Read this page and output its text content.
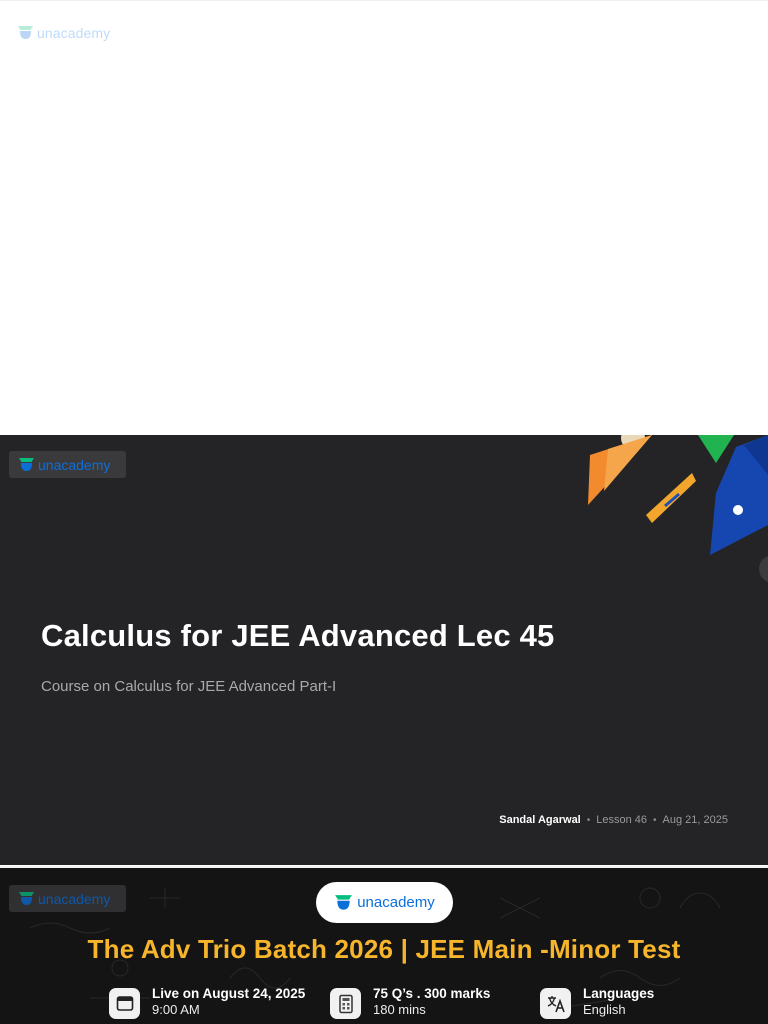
unacademy
unacademy
Calculus for JEE Advanced Lec 45
Course on Calculus for JEE Advanced Part-I
Sandal Agarwal • Lesson 46 • Aug 21, 2025
unacademy	unacademy
The Adv Trio Batch 2026 | JEE Main -Minor Test
Live on August 24, 2025
9:00 AM
75 Q’s . 300 marks
180 mins
Languages
English
